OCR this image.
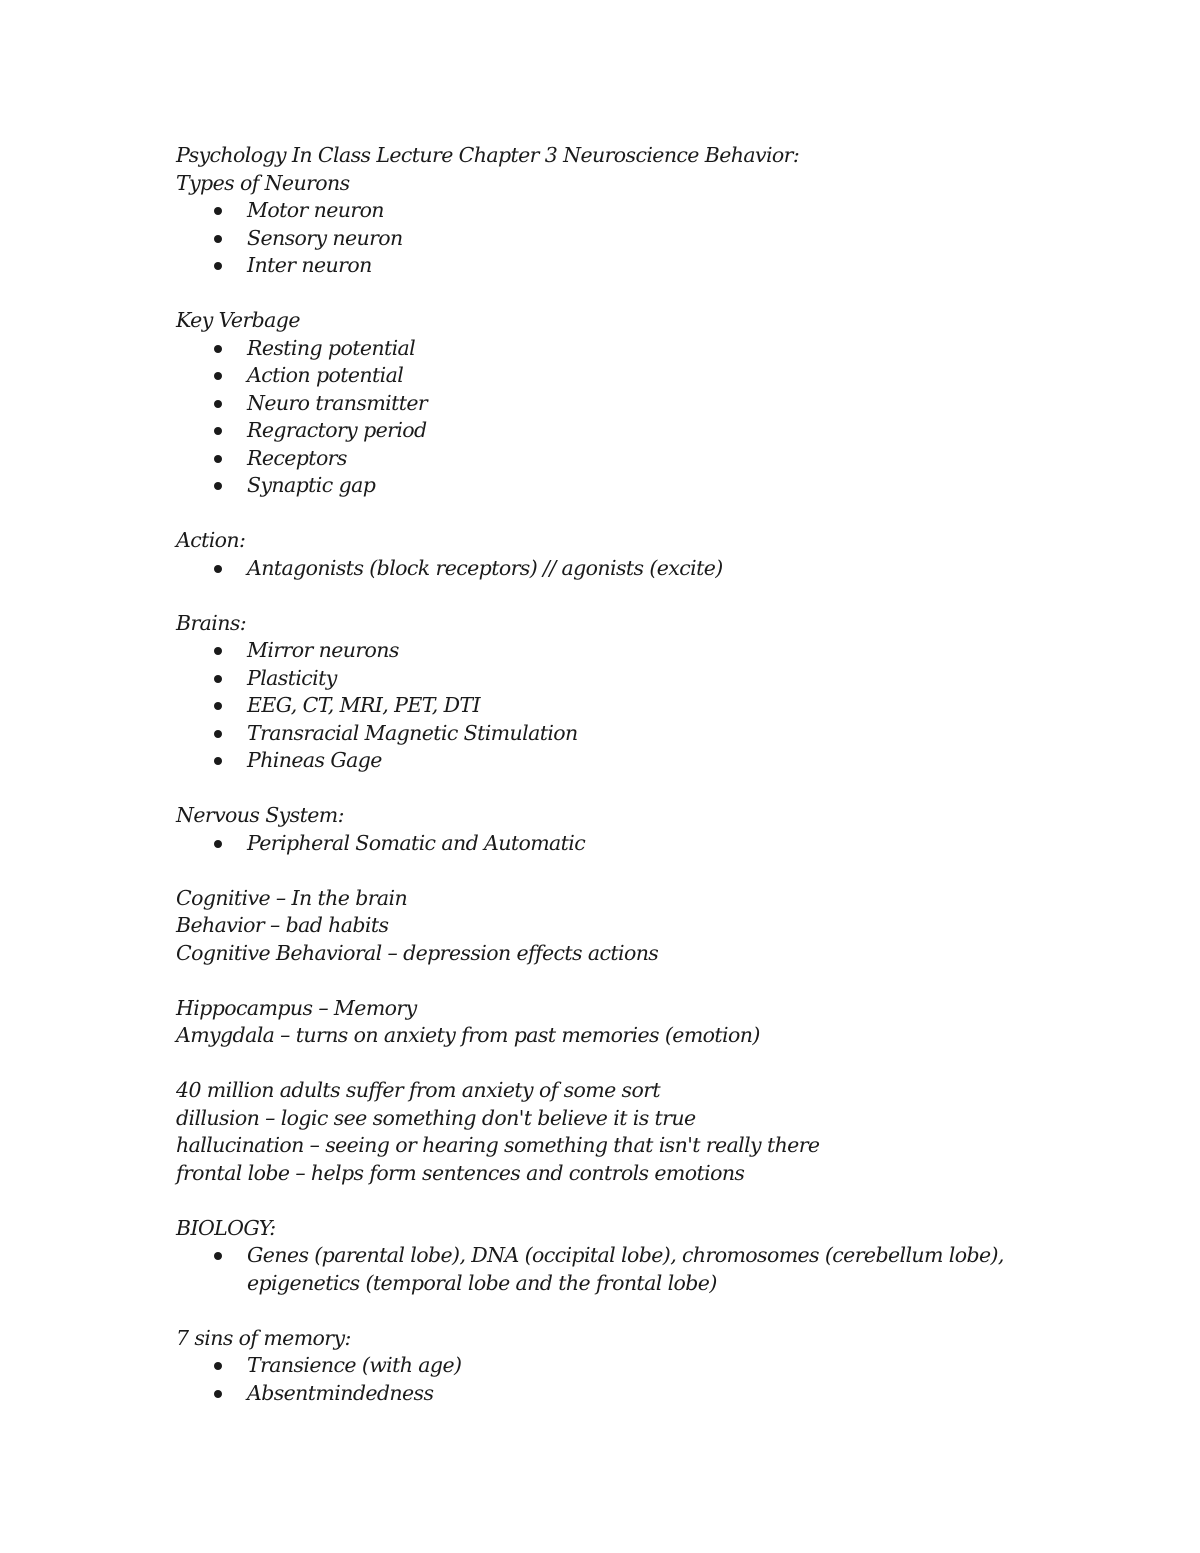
Psychology In Class Lecture Chapter 3 Neuroscience Behavior:
Types of Neurons
Motor neuron
Sensory neuron
Inter neuron
Key Verbage
Resting potential
Action potential
Neuro transmitter
Regractory period
Receptors
Synaptic gap
Action:
Antagonists (block receptors) // agonists (excite)
Brains:
Mirror neurons
Plasticity
EEG, CT, MRI, PET, DTI
Transracial Magnetic Stimulation
Phineas Gage
Nervous System:
Peripheral Somatic and Automatic
Cognitive – In the brain
Behavior – bad habits
Cognitive Behavioral – depression effects actions
Hippocampus – Memory
Amygdala – turns on anxiety from past memories (emotion)
40 million adults suffer from anxiety of some sort
dillusion – logic see something don't believe it is true
hallucination – seeing or hearing something that isn't really there
frontal lobe – helps form sentences and controls emotions
BIOLOGY:
Genes (parental lobe), DNA (occipital lobe), chromosomes (cerebellum lobe), epigenetics (temporal lobe and the frontal lobe)
7 sins of memory:
Transience (with age)
Absentmindedness
